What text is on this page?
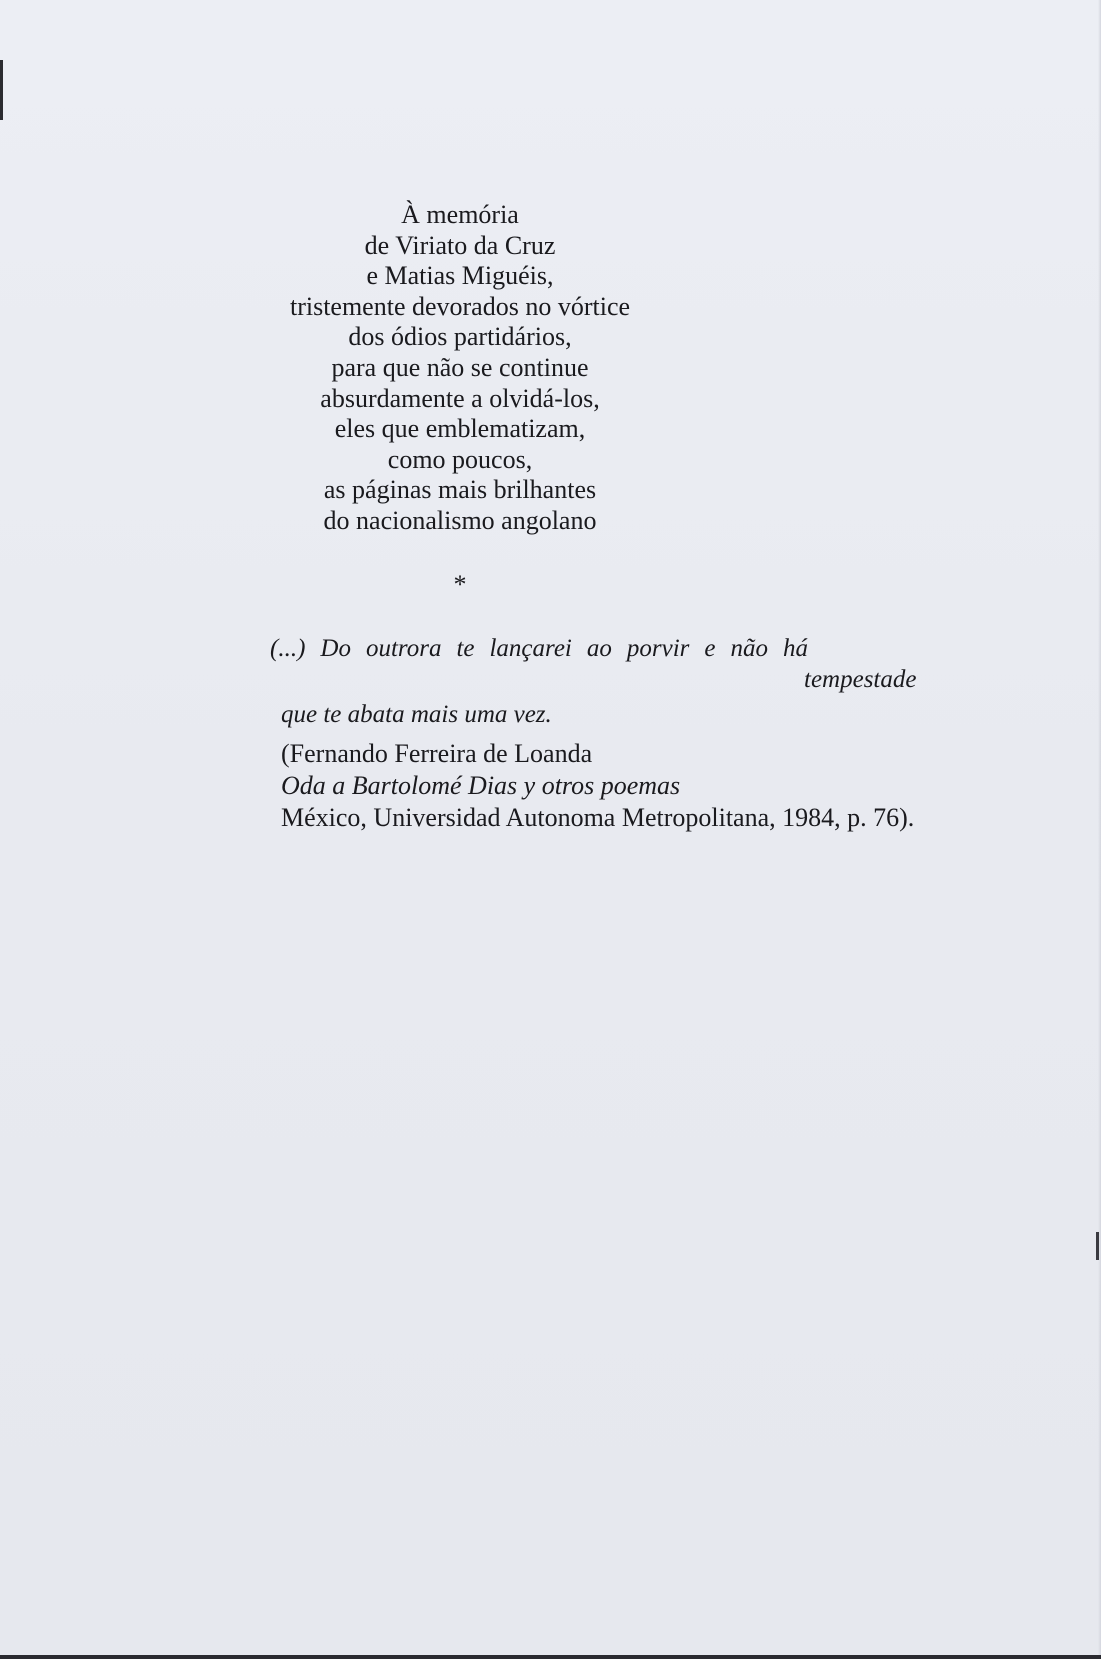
À memória
de Viriato da Cruz
e Matias Miguéis,
tristemente devorados no vórtice
dos ódios partidários,
para que não se continue
absurdamente a olvidá-los,
eles que emblematizam,
como poucos,
as páginas mais brilhantes
do nacionalismo angolano
*
(...) Do outrora te lançarei ao porvir e não há
tempestade
que te abata mais uma vez.
(Fernando Ferreira de Loanda
Oda a Bartolomé Dias y otros poemas
México, Universidad Autonoma Metropolitana, 1984, p. 76).
